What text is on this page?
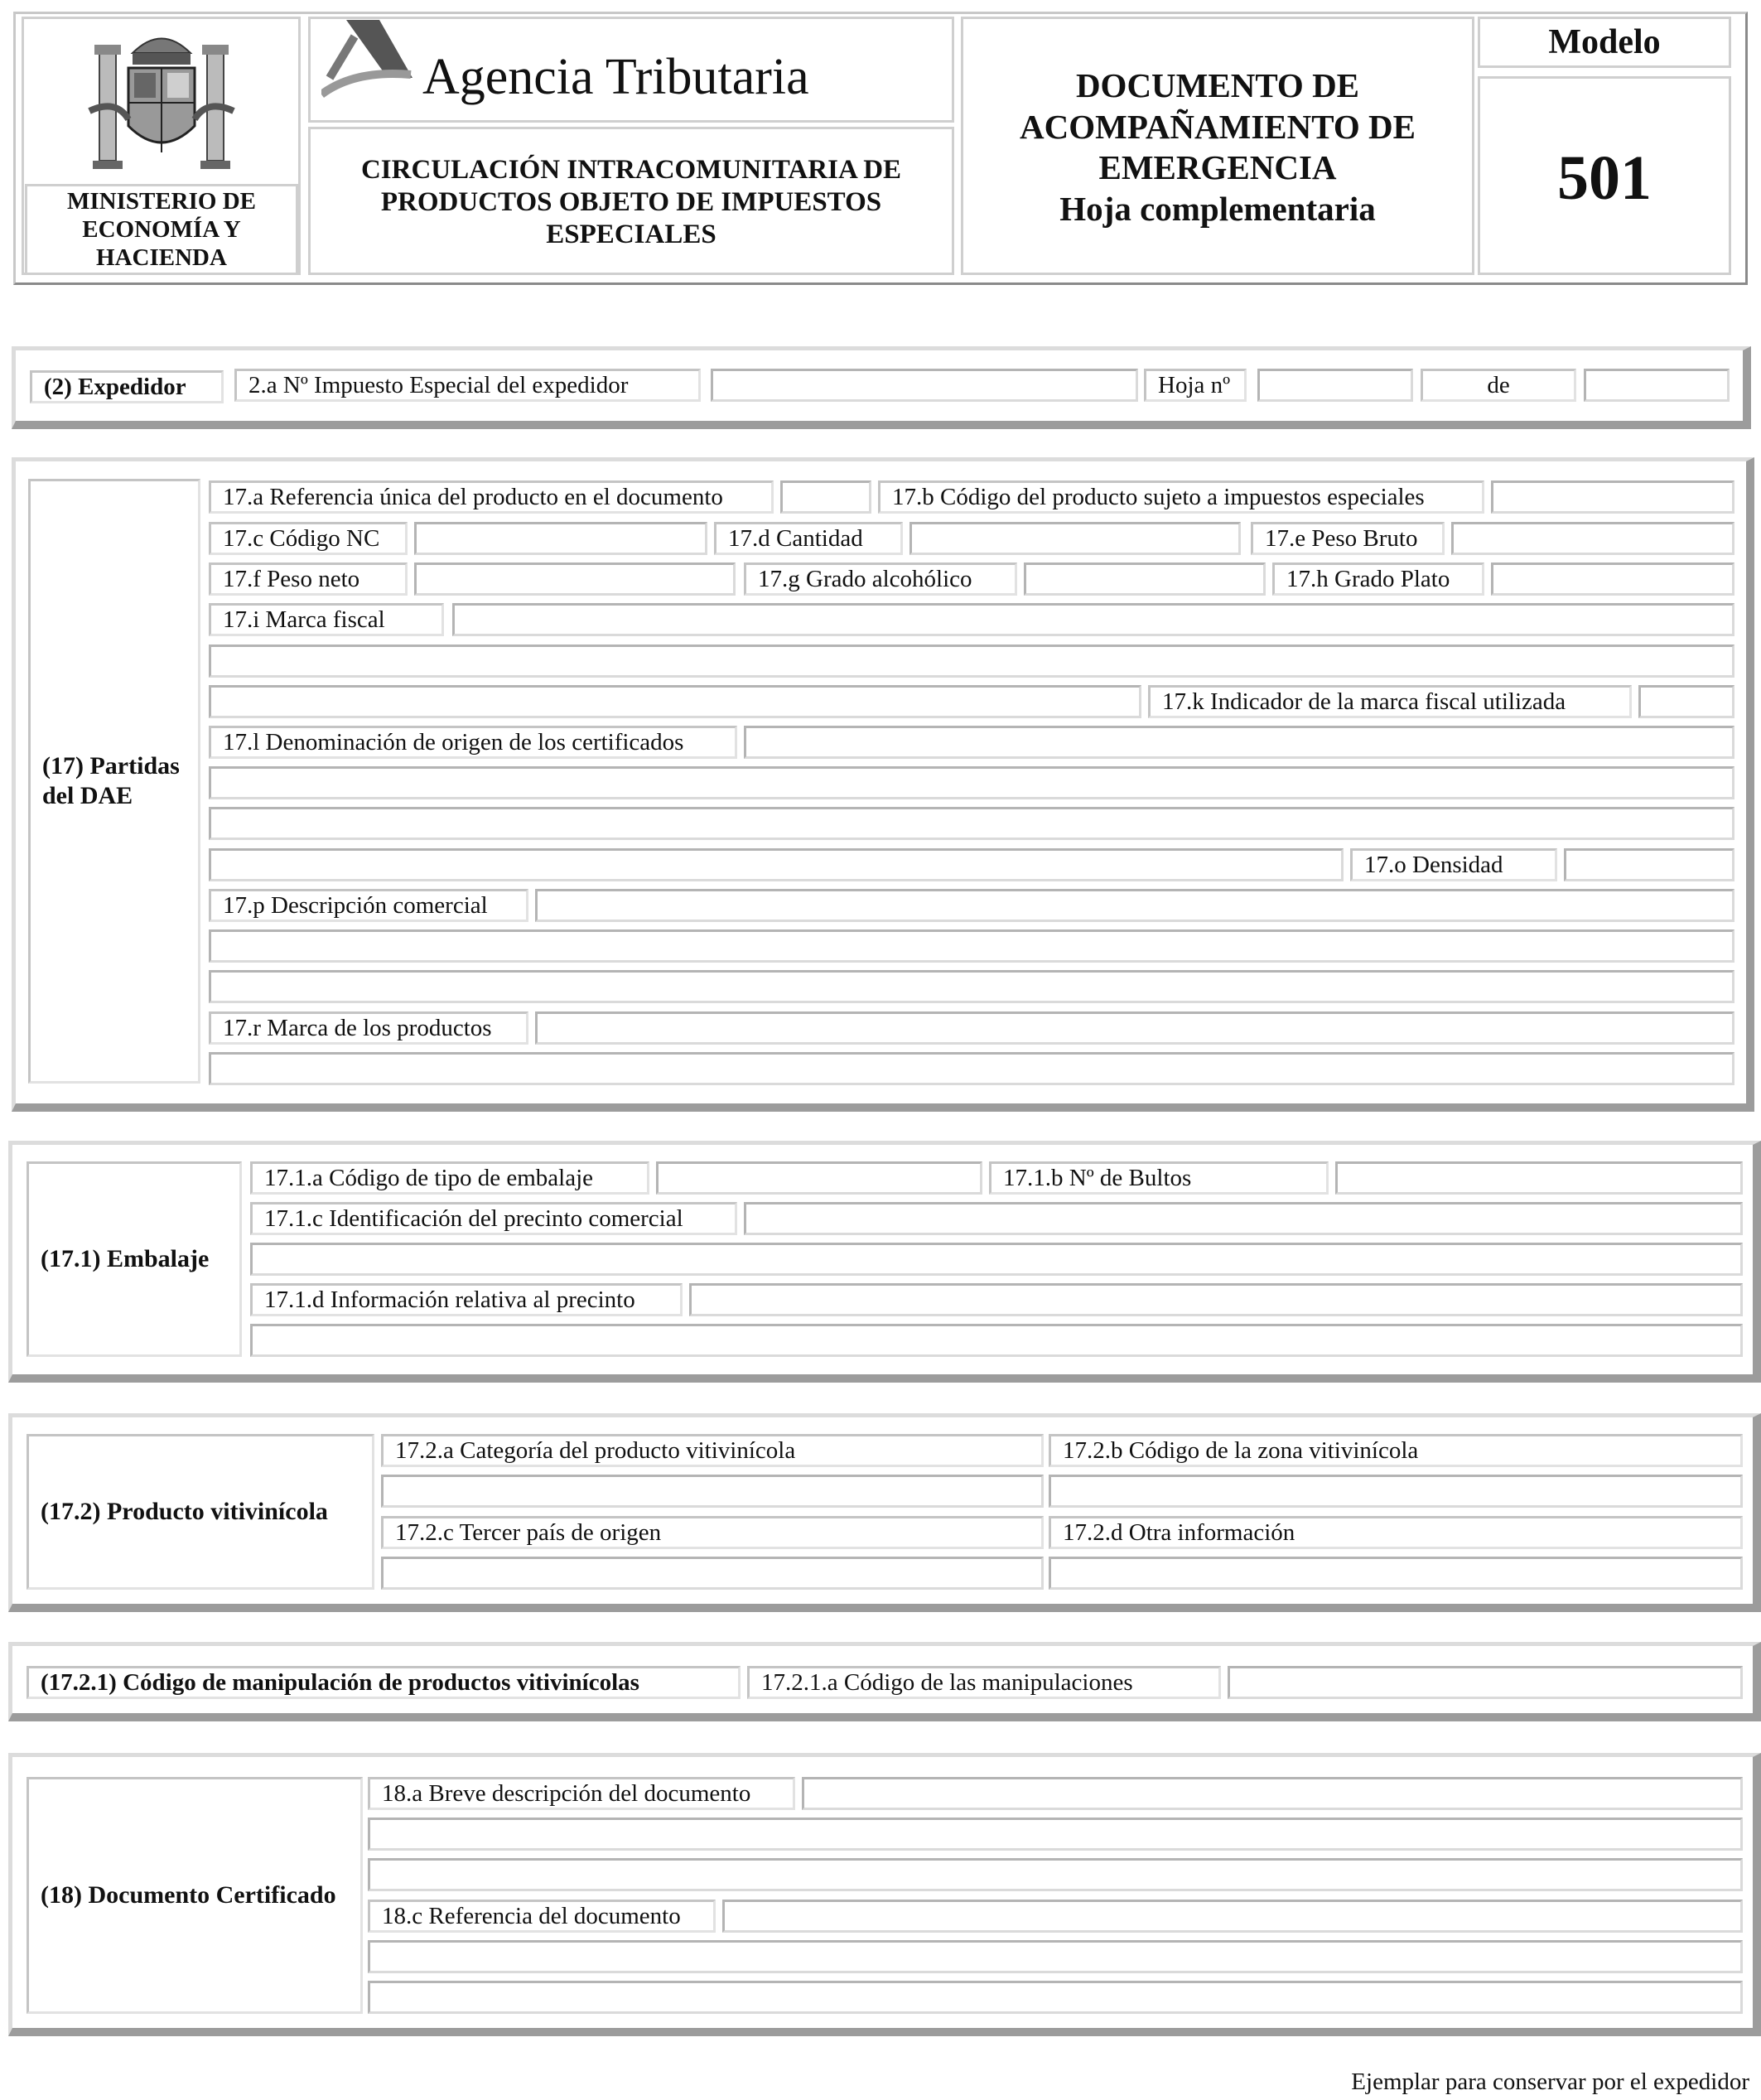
MINISTERIO DE ECONOMÍA Y HACIENDA
Agencia Tributaria
CIRCULACIÓN INTRACOMUNITARIA DE PRODUCTOS OBJETO DE IMPUESTOS ESPECIALES
DOCUMENTO DE
ACOMPAÑAMIENTO DE
EMERGENCIA
Hoja complementaria
Modelo
501
(2) Expedidor	2.a Nº Impuesto Especial del expedidor	Hoja nº	de
(17) Partidas
del DAE
17.a Referencia única del producto en el documento	17.b Código del producto sujeto a impuestos especiales
17.c Código NC	17.d Cantidad	17.e Peso Bruto
17.f Peso neto	17.g Grado alcohólico	17.h Grado Plato
17.i Marca fiscal
17.k Indicador de la marca fiscal utilizada
17.l Denominación de origen de los certificados
17.o Densidad
17.p Descripción comercial
17.r Marca de los productos
(17.1) Embalaje
17.1.a Código de tipo de embalaje	17.1.b Nº de Bultos
17.1.c Identificación del precinto comercial
17.1.d Información relativa al precinto
(17.2) Producto vitivinícola
17.2.a Categoría del producto vitivinícola	17.2.b Código de la zona vitivinícola
17.2.c Tercer país de origen	17.2.d Otra información
(17.2.1) Código de manipulación de productos vitivinícolas	17.2.1.a Código de las manipulaciones
(18) Documento Certificado
18.a Breve descripción del documento
18.c Referencia del documento
Ejemplar para conservar por el expedidor
